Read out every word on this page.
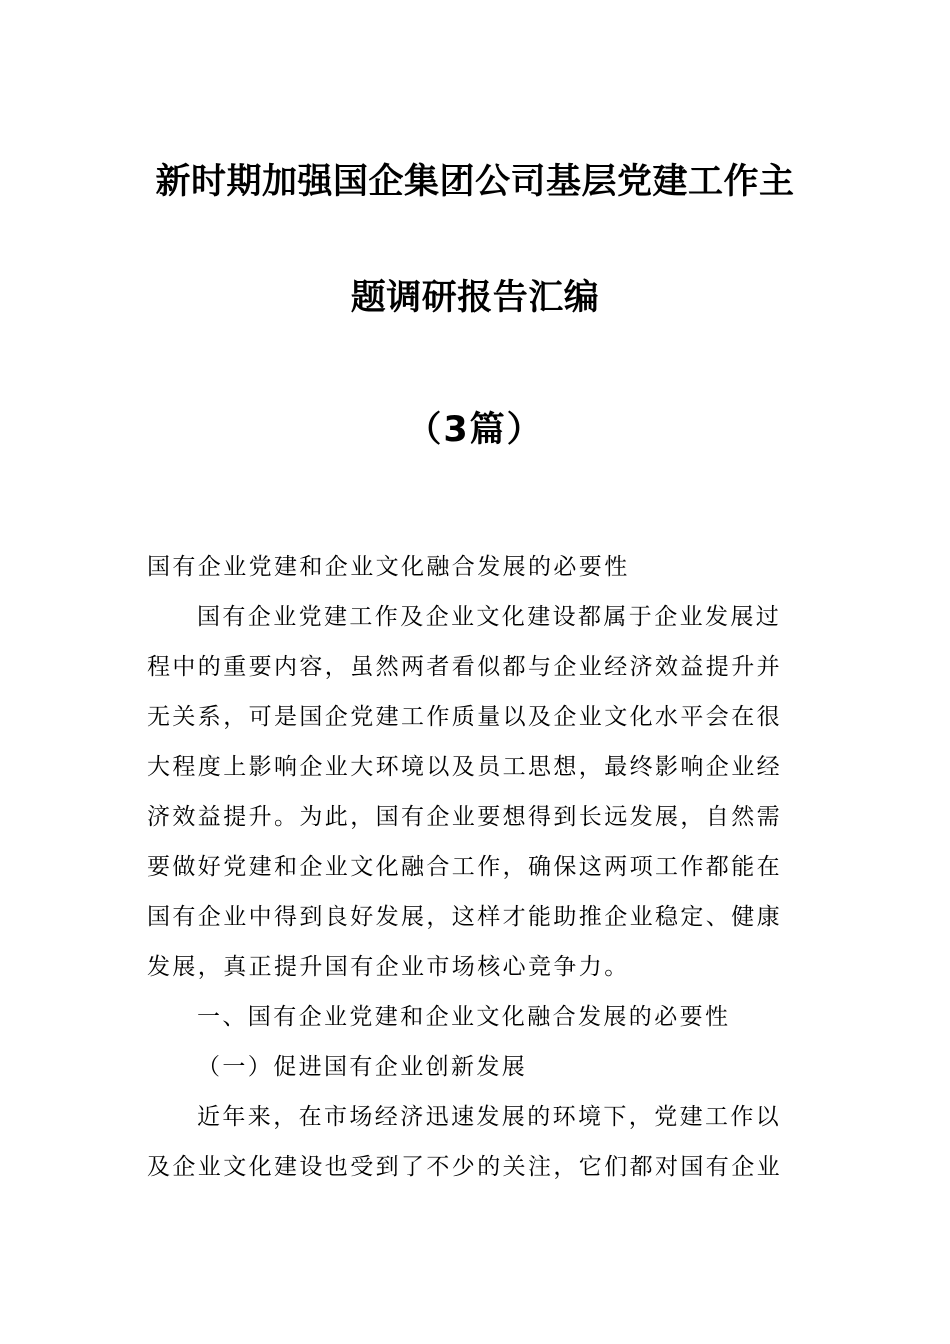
新时期加强国企集团公司基层党建工作主
题调研报告汇编
（3篇）
国有企业党建和企业文化融合发展的必要性
国有企业党建工作及企业文化建设都属于企业发展过
程中的重要内容，虽然两者看似都与企业经济效益提升并
无关系，可是国企党建工作质量以及企业文化水平会在很
大程度上影响企业大环境以及员工思想，最终影响企业经
济效益提升。为此，国有企业要想得到长远发展，自然需
要做好党建和企业文化融合工作，确保这两项工作都能在
国有企业中得到良好发展，这样才能助推企业稳定、健康
发展，真正提升国有企业市场核心竞争力。
一、国有企业党建和企业文化融合发展的必要性
（一）促进国有企业创新发展
近年来，在市场经济迅速发展的环境下，党建工作以
及企业文化建设也受到了不少的关注，它们都对国有企业
